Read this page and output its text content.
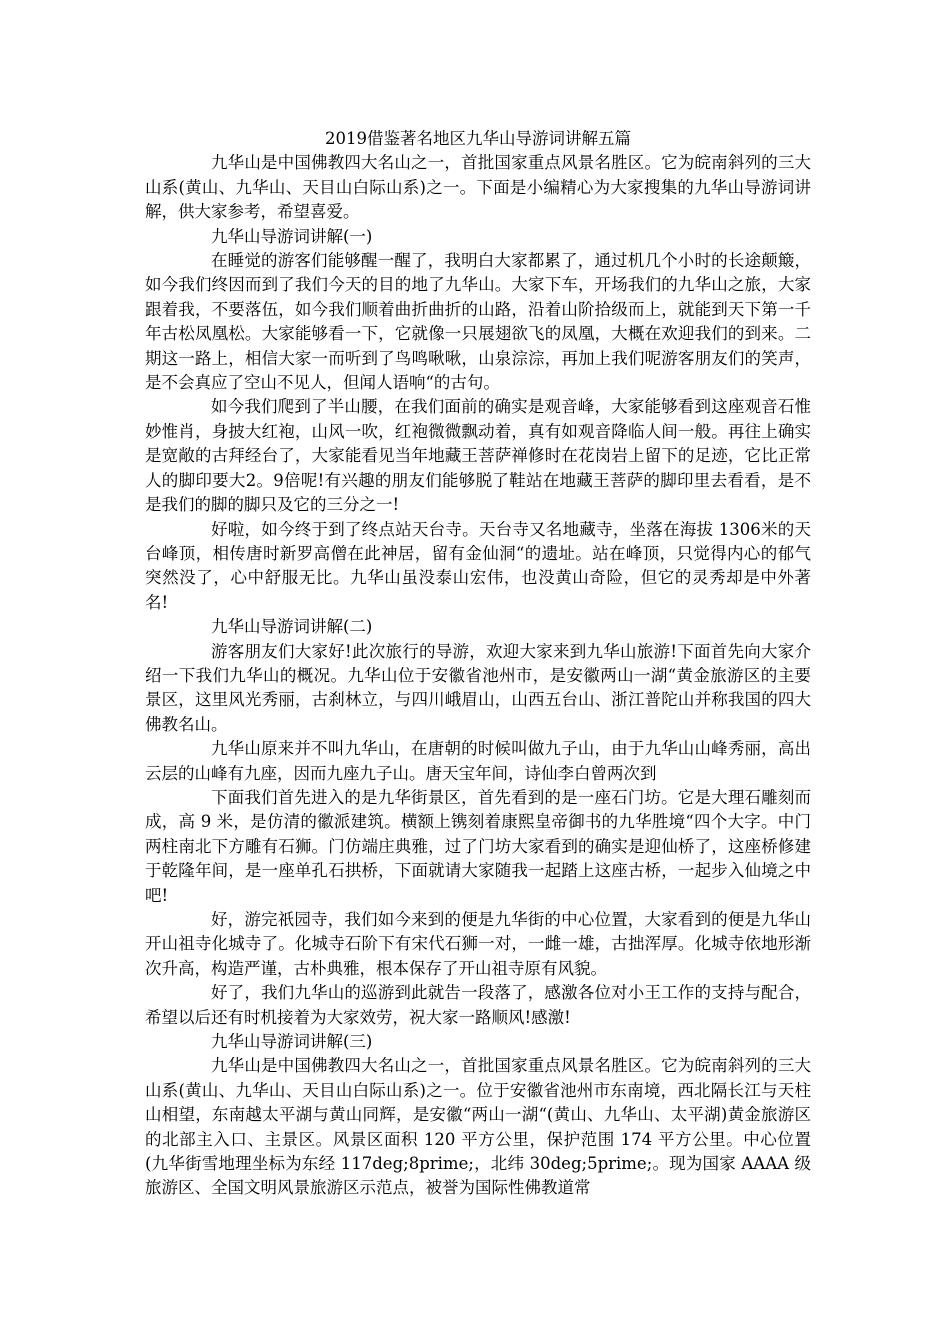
2019借鉴著名地区九华山导游词讲解五篇

九华山是中国佛教四大名山之一，首批国家重点风景名胜区。它为皖南斜列的三大山系(黄山、九华山、天目山白际山系)之一。下面是小编精心为大家搜集的九华山导游词讲解，供大家参考，希望喜爱。

九华山导游词讲解(一)

在睡觉的游客们能够醒一醒了，我明白大家都累了，通过机几个小时的长途颠簸，如今我们终因而到了我们今天的目的地了九华山。大家下车，开场我们的九华山之旅，大家跟着我，不要落伍，如今我们顺着曲折曲折的山路，沿着山阶拾级而上，就能到天下第一千年古松凤凰松。大家能够看一下，它就像一只展翅欲飞的凤凰，大概在欢迎我们的到来。二期这一路上，相信大家一而听到了鸟鸣啾啾，山泉淙淙，再加上我们呢游客朋友们的笑声，是不会真应了空山不见人，但闻人语响“的古句。

如今我们爬到了半山腰，在我们面前的确实是观音峰，大家能够看到这座观音石惟妙惟肖，身披大红袍，山风一吹，红袍微微飘动着，真有如观音降临人间一般。再往上确实是宽敞的古拜经台了，大家能看见当年地藏王菩萨禅修时在花岗岩上留下的足迹，它比正常人的脚印要大2。9倍呢!有兴趣的朋友们能够脱了鞋站在地藏王菩萨的脚印里去看看，是不是我们的脚的脚只及它的三分之一!

好啦，如今终于到了终点站天台寺。天台寺又名地藏寺，坐落在海拔 1306米的天台峰顶，相传唐时新罗高僧在此神居，留有金仙洞“的遗址。站在峰顶，只觉得内心的郁气突然没了，心中舒服无比。九华山虽没泰山宏伟，也没黄山奇险，但它的灵秀却是中外著名!

九华山导游词讲解(二)

游客朋友们大家好!此次旅行的导游，欢迎大家来到九华山旅游!下面首先向大家介绍一下我们九华山的概况。九华山位于安徽省池州市，是安徽两山一湖“黄金旅游区的主要景区，这里风光秀丽，古刹林立，与四川峨眉山，山西五台山、浙江普陀山并称我国的四大佛教名山。

九华山原来并不叫九华山，在唐朝的时候叫做九子山，由于九华山山峰秀丽，高出云层的山峰有九座，因而九座九子山。唐天宝年间，诗仙李白曾两次到

下面我们首先进入的是九华街景区，首先看到的是一座石门坊。它是大理石雕刻而成，高 9 米，是仿清的徽派建筑。横额上镌刻着康熙皇帝御书的九华胜境“四个大字。中门两柱南北下方雕有石狮。门仿端庄典雅，过了门坊大家看到的确实是迎仙桥了，这座桥修建于乾隆年间，是一座单孔石拱桥，下面就请大家随我一起踏上这座古桥，一起步入仙境之中吧!

好，游完祇园寺，我们如今来到的便是九华街的中心位置，大家看到的便是九华山开山祖寺化城寺了。化城寺石阶下有宋代石狮一对，一雌一雄，古拙浑厚。化城寺依地形渐次升高，构造严谨，古朴典雅，根本保存了开山祖寺原有风貌。

好了，我们九华山的巡游到此就告一段落了，感激各位对小王工作的支持与配合，希望以后还有时机接着为大家效劳，祝大家一路顺风!感激!

九华山导游词讲解(三)

九华山是中国佛教四大名山之一，首批国家重点风景名胜区。它为皖南斜列的三大山系(黄山、九华山、天目山白际山系)之一。位于安徽省池州市东南境，西北隔长江与天柱山相望，东南越太平湖与黄山同辉，是安徽“两山一湖“(黄山、九华山、太平湖)黄金旅游区的北部主入口、主景区。风景区面积 120 平方公里，保护范围 174 平方公里。中心位置(九华街雪地理坐标为东经 117deg;8prime;，北纬 30deg;5prime;。现为国家 AAAA 级旅游区、全国文明风景旅游区示范点，被誉为国际性佛教道常
